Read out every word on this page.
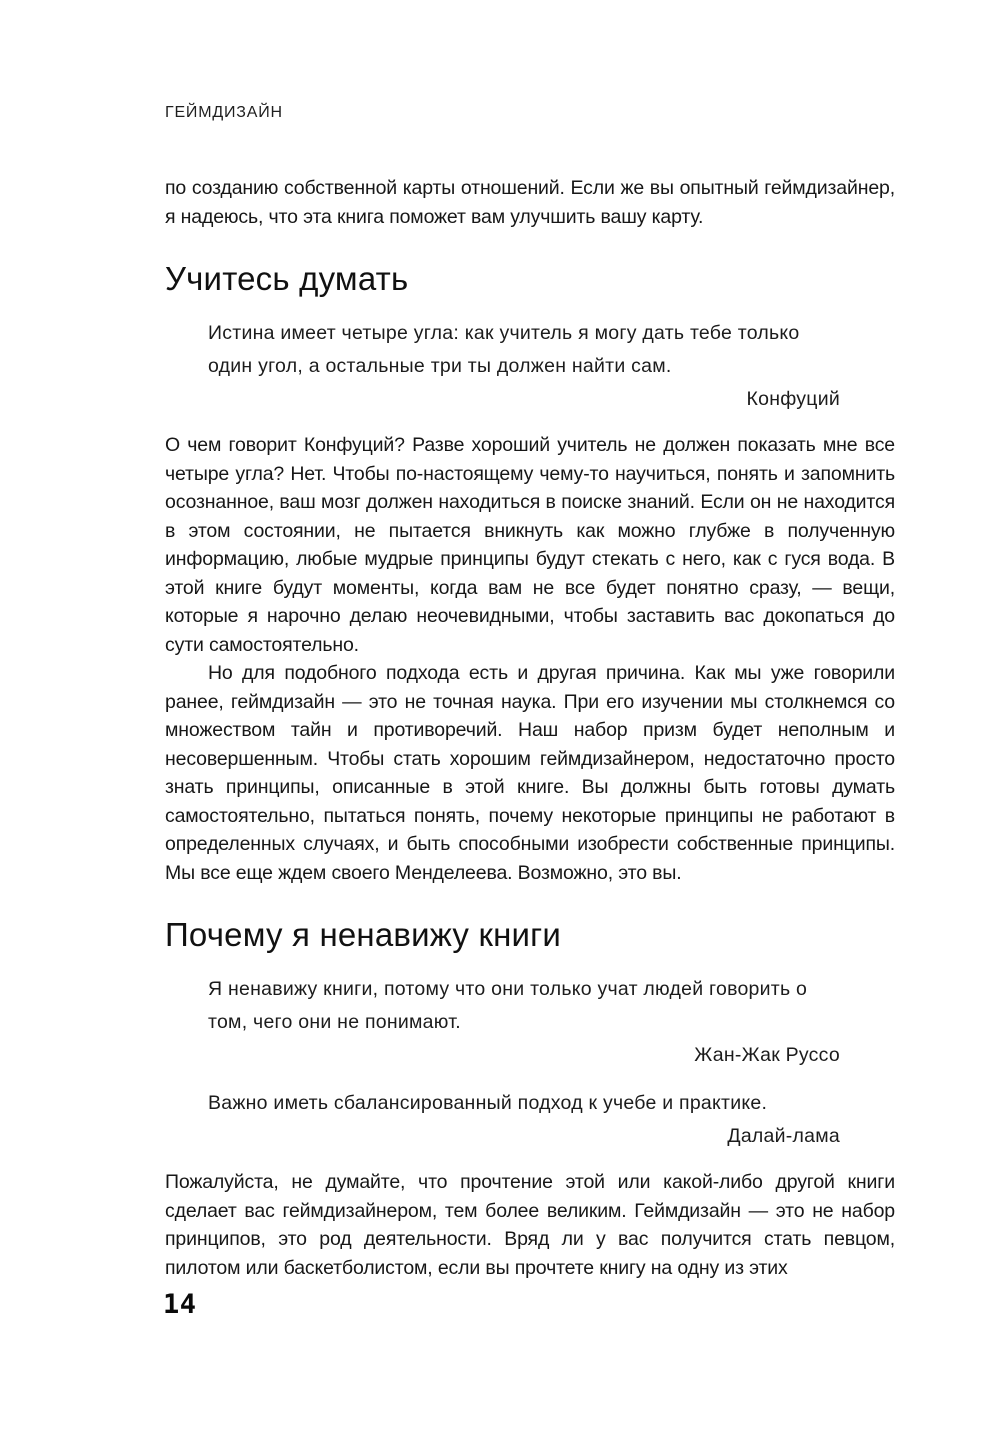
ГЕЙМДИЗАЙН

по созданию собственной карты отношений. Если же вы опытный геймдизайнер, я надеюсь, что эта книга поможет вам улучшить вашу карту.

Учитесь думать
Истина имеет четыре угла: как учитель я могу дать тебе только один угол, а остальные три ты должен найти сам.
Конфуций

О чем говорит Конфуций? Разве хороший учитель не должен показать мне все четыре угла? Нет. Чтобы по-настоящему чему-то научиться, понять и запомнить осознанное, ваш мозг должен находиться в поиске знаний. Если он не находится в этом состоянии, не пытается вникнуть как можно глубже в полученную информацию, любые мудрые принципы будут стекать с него, как с гуся вода. В этой книге будут моменты, когда вам не все будет понятно сразу, — вещи, которые я нарочно делаю неочевидными, чтобы заставить вас докопаться до сути самостоятельно.

Но для подобного подхода есть и другая причина. Как мы уже говорили ранее, геймдизайн — это не точная наука. При его изучении мы столкнемся со множеством тайн и противоречий. Наш набор призм будет неполным и несовершенным. Чтобы стать хорошим геймдизайнером, недостаточно просто знать принципы, описанные в этой книге. Вы должны быть готовы думать самостоятельно, пытаться понять, почему некоторые принципы не работают в определенных случаях, и быть способными изобрести собственные принципы. Мы все еще ждем своего Менделеева. Возможно, это вы.

Почему я ненавижу книги
Я ненавижу книги, потому что они только учат людей говорить о том, чего они не понимают.
Жан-Жак Руссо
Важно иметь сбалансированный подход к учебе и практике.
Далай-лама

Пожалуйста, не думайте, что прочтение этой или какой-либо другой книги сделает вас геймдизайнером, тем более великим. Геймдизайн — это не набор принципов, это род деятельности. Вряд ли у вас получится стать певцом, пилотом или баскетболистом, если вы прочтете книгу на одну из этих

14
